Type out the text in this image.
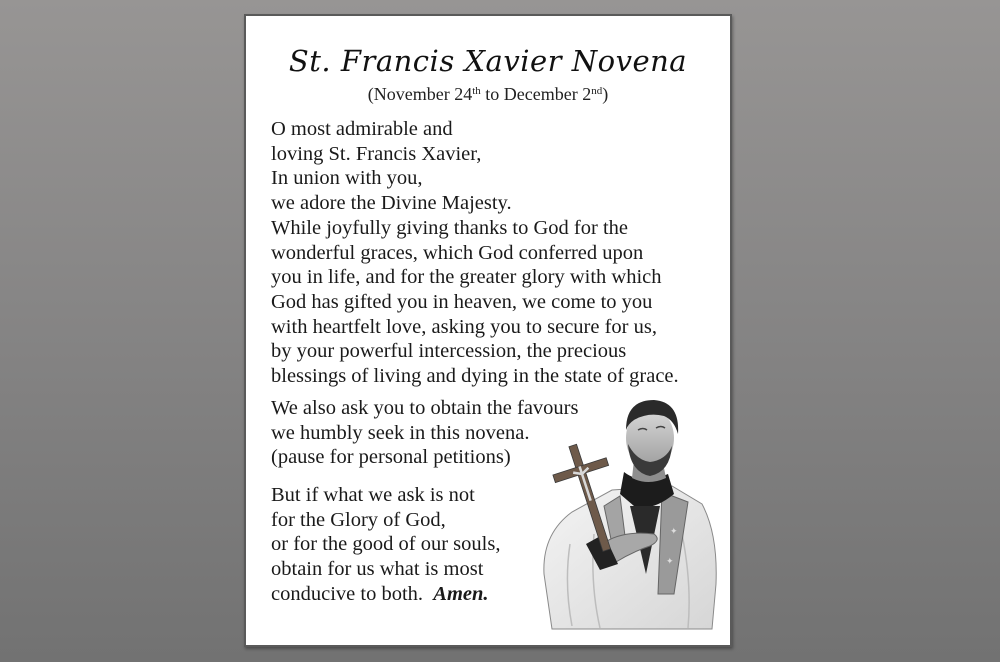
St. Francis Xavier Novena
(November 24th to December 2nd)
O most admirable and
loving St. Francis Xavier,
In union with you,
we adore the Divine Majesty.
While joyfully giving thanks to God for the
wonderful graces, which God conferred upon
you in life, and for the greater glory with which
God has gifted you in heaven, we come to you
with heartfelt love, asking you to secure for us,
by your powerful intercession, the precious
blessings of living and dying in the state of grace.
We also ask you to obtain the favours
we humbly seek in this novena.
(pause for personal petitions)
But if what we ask is not
for the Glory of God,
or for the good of our souls,
obtain for us what is most
conducive to both.  Amen.
✦
✦
